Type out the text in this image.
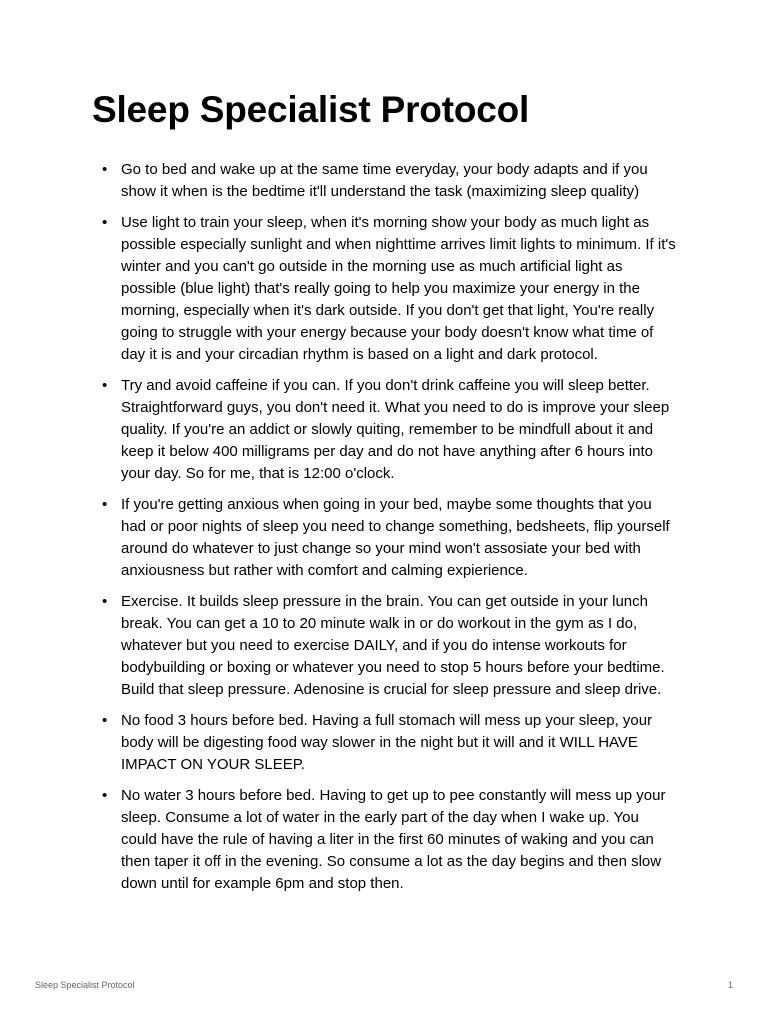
Sleep Specialist Protocol
• Go to bed and wake up at the same time everyday, your body adapts and if you show it when is the bedtime it'll understand the task (maximizing sleep quality)
• Use light to train your sleep, when it's morning show your body as much light as possible especially sunlight and when nighttime arrives limit lights to minimum. If it's winter and you can't go outside in the morning use as much artificial light as possible (blue light) that's really going to help you maximize your energy in the morning, especially when it's dark outside. If you don't get that light, You're really going to struggle with your energy because your body doesn't know what time of day it is and your circadian rhythm is based on a light and dark protocol.
• Try and avoid caffeine if you can. If you don't drink caffeine you will sleep better. Straightforward guys, you don't need it. What you need to do is improve your sleep quality. If you're an addict or slowly quiting, remember to be mindfull about it and keep it below 400 milligrams per day and do not have anything after 6 hours into your day. So for me, that is 12:00 o'clock.
• If you're getting anxious when going in your bed, maybe some thoughts that you had or poor nights of sleep you need to change something, bedsheets, flip yourself around do whatever to just change so your mind won't assosiate your bed with anxiousness but rather with comfort and calming expierience.
• Exercise. It builds sleep pressure in the brain. You can get outside in your lunch break. You can get a 10 to 20 minute walk in or do workout in the gym as I do, whatever but you need to exercise DAILY, and if you do intense workouts for bodybuilding or boxing or whatever you need to stop 5 hours before your bedtime. Build that sleep pressure. Adenosine is crucial for sleep pressure and sleep drive.
• No food 3 hours before bed. Having a full stomach will mess up your sleep, your body will be digesting food way slower in the night but it will and it WILL HAVE IMPACT ON YOUR SLEEP.
• No water 3 hours before bed. Having to get up to pee constantly will mess up your sleep. Consume a lot of water in the early part of the day when I wake up. You could have the rule of having a liter in the first 60 minutes of waking and you can then taper it off in the evening. So consume a lot as the day begins and then slow down until for example 6pm and stop then.
Sleep Specialist Protocol	1
